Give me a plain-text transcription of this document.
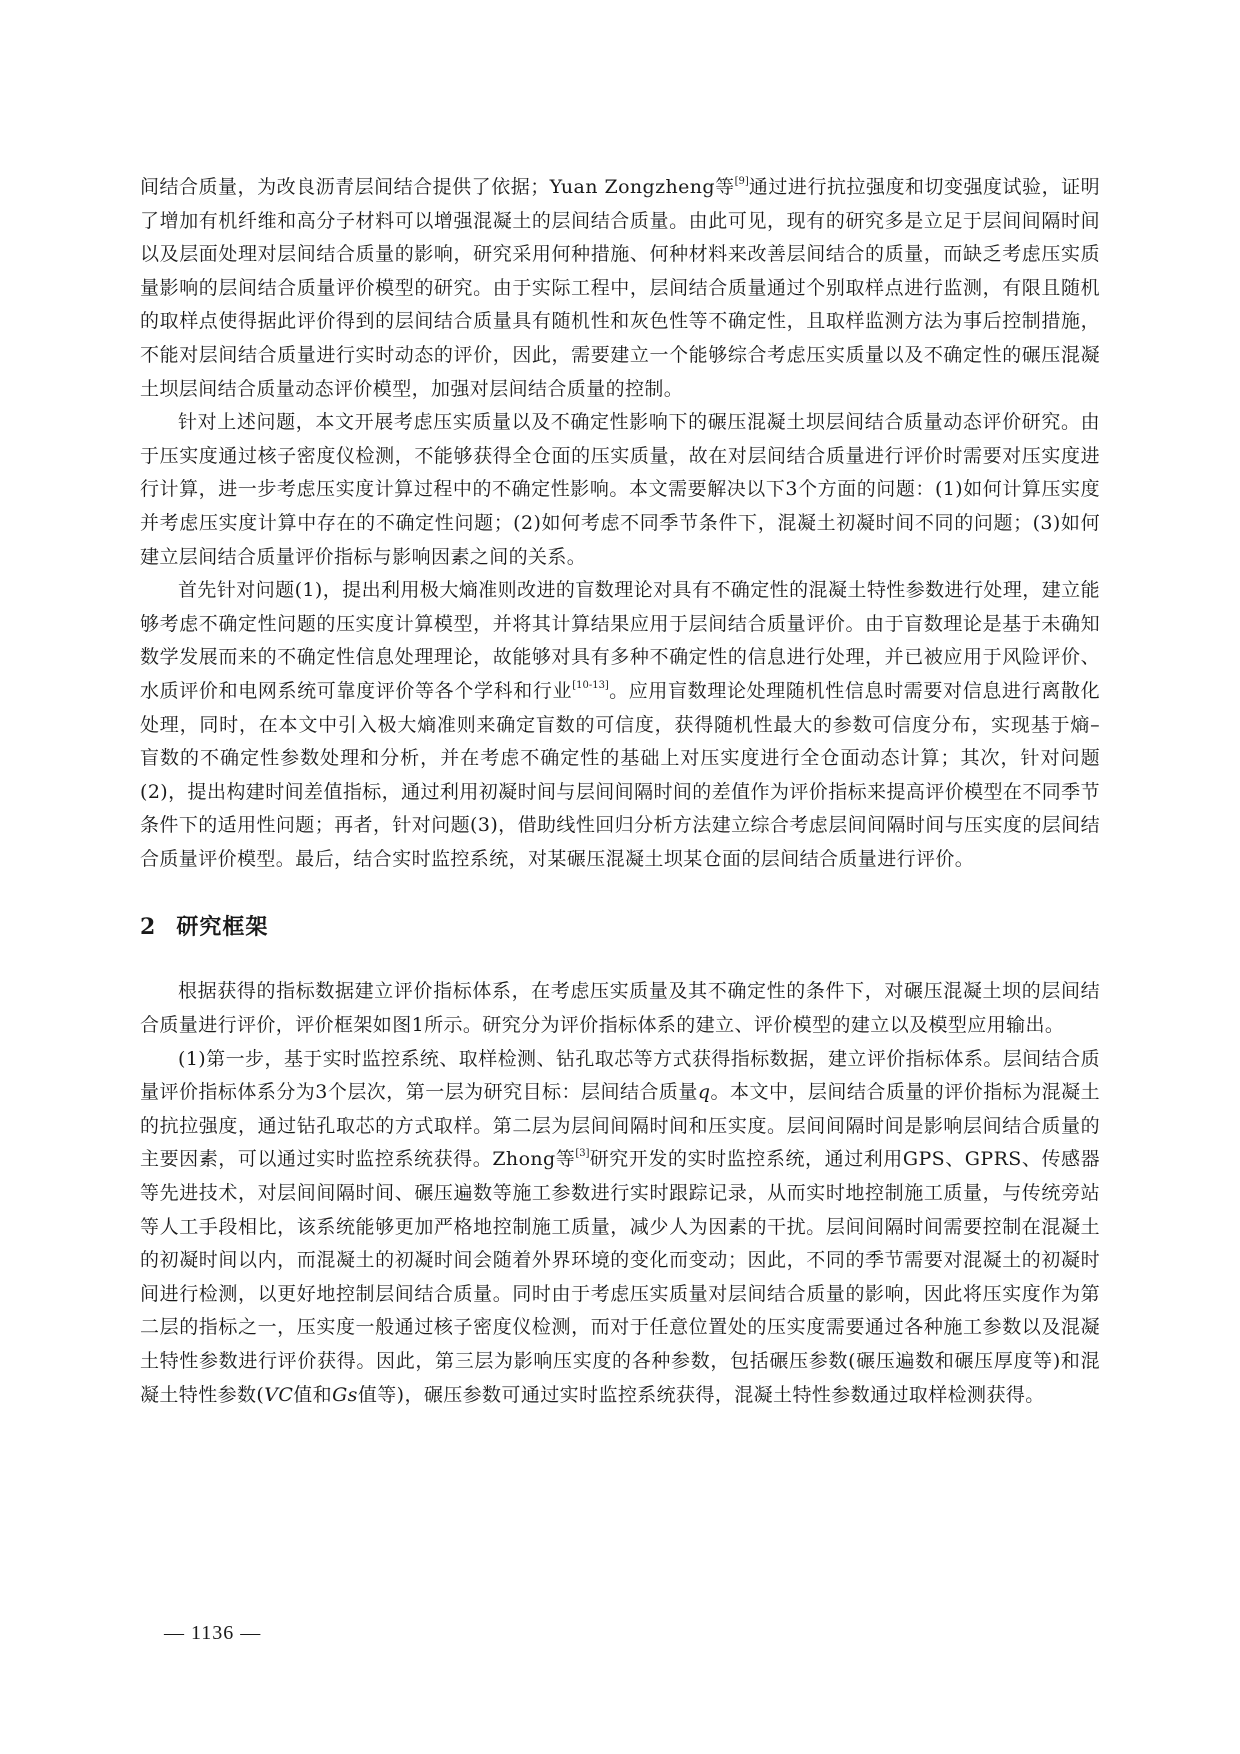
间结合质量，为改良沥青层间结合提供了依据；Yuan Zongzheng等[9]通过进行抗拉强度和切变强度试验，证明了增加有机纤维和高分子材料可以增强混凝土的层间结合质量。由此可见，现有的研究多是立足于层间间隔时间以及层面处理对层间结合质量的影响，研究采用何种措施、何种材料来改善层间结合的质量，而缺乏考虑压实质量影响的层间结合质量评价模型的研究。由于实际工程中，层间结合质量通过个别取样点进行监测，有限且随机的取样点使得据此评价得到的层间结合质量具有随机性和灰色性等不确定性，且取样监测方法为事后控制措施，不能对层间结合质量进行实时动态的评价，因此，需要建立一个能够综合考虑压实质量以及不确定性的碾压混凝土坝层间结合质量动态评价模型，加强对层间结合质量的控制。

针对上述问题，本文开展考虑压实质量以及不确定性影响下的碾压混凝土坝层间结合质量动态评价研究。由于压实度通过核子密度仪检测，不能够获得全仓面的压实质量，故在对层间结合质量进行评价时需要对压实度进行计算，进一步考虑压实度计算过程中的不确定性影响。本文需要解决以下3个方面的问题：(1)如何计算压实度并考虑压实度计算中存在的不确定性问题；(2)如何考虑不同季节条件下，混凝土初凝时间不同的问题；(3)如何建立层间结合质量评价指标与影响因素之间的关系。

首先针对问题(1)，提出利用极大熵准则改进的盲数理论对具有不确定性的混凝土特性参数进行处理，建立能够考虑不确定性问题的压实度计算模型，并将其计算结果应用于层间结合质量评价。由于盲数理论是基于未确知数学发展而来的不确定性信息处理理论，故能够对具有多种不确定性的信息进行处理，并已被应用于风险评价、水质评价和电网系统可靠度评价等各个学科和行业[10-13]。应用盲数理论处理随机性信息时需要对信息进行离散化处理，同时，在本文中引入极大熵准则来确定盲数的可信度，获得随机性最大的参数可信度分布，实现基于熵–盲数的不确定性参数处理和分析，并在考虑不确定性的基础上对压实度进行全仓面动态计算；其次，针对问题(2)，提出构建时间差值指标，通过利用初凝时间与层间间隔时间的差值作为评价指标来提高评价模型在不同季节条件下的适用性问题；再者，针对问题(3)，借助线性回归分析方法建立综合考虑层间间隔时间与压实度的层间结合质量评价模型。最后，结合实时监控系统，对某碾压混凝土坝某仓面的层间结合质量进行评价。

2 研究框架

根据获得的指标数据建立评价指标体系，在考虑压实质量及其不确定性的条件下，对碾压混凝土坝的层间结合质量进行评价，评价框架如图1所示。研究分为评价指标体系的建立、评价模型的建立以及模型应用输出。

(1)第一步，基于实时监控系统、取样检测、钻孔取芯等方式获得指标数据，建立评价指标体系。层间结合质量评价指标体系分为3个层次，第一层为研究目标：层间结合质量q。本文中，层间结合质量的评价指标为混凝土的抗拉强度，通过钻孔取芯的方式取样。第二层为层间间隔时间和压实度。层间间隔时间是影响层间结合质量的主要因素，可以通过实时监控系统获得。Zhong等[3]研究开发的实时监控系统，通过利用GPS、GPRS、传感器等先进技术，对层间间隔时间、碾压遍数等施工参数进行实时跟踪记录，从而实时地控制施工质量，与传统旁站等人工手段相比，该系统能够更加严格地控制施工质量，减少人为因素的干扰。层间间隔时间需要控制在混凝土的初凝时间以内，而混凝土的初凝时间会随着外界环境的变化而变动；因此，不同的季节需要对混凝土的初凝时间进行检测，以更好地控制层间结合质量。同时由于考虑压实质量对层间结合质量的影响，因此将压实度作为第二层的指标之一，压实度一般通过核子密度仪检测，而对于任意位置处的压实度需要通过各种施工参数以及混凝土特性参数进行评价获得。因此，第三层为影响压实度的各种参数，包括碾压参数(碾压遍数和碾压厚度等)和混凝土特性参数(VC值和Gs值等)，碾压参数可通过实时监控系统获得，混凝土特性参数通过取样检测获得。

— 1136 —
